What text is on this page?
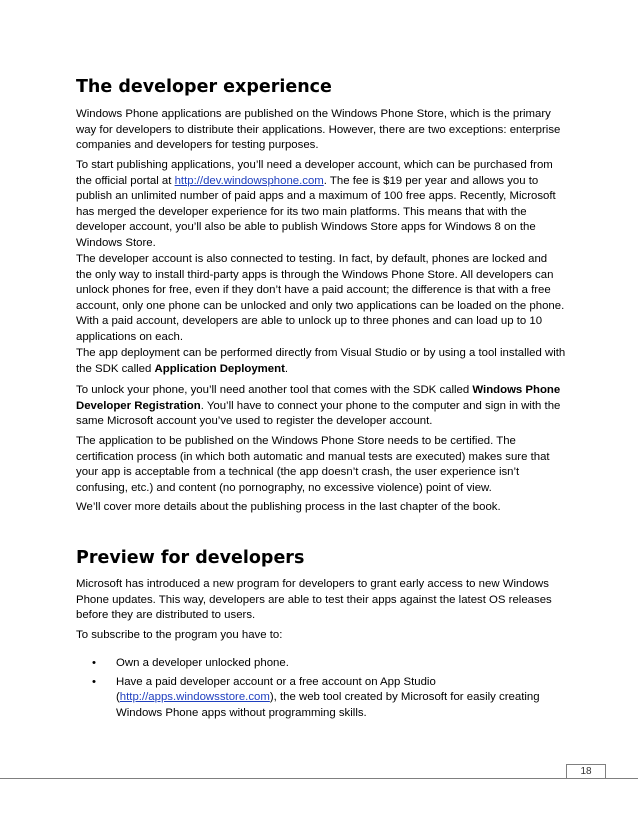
The developer experience

Windows Phone applications are published on the Windows Phone Store, which is the primary way for developers to distribute their applications. However, there are two exceptions: enterprise companies and developers for testing purposes.

To start publishing applications, you’ll need a developer account, which can be purchased from the official portal at http://dev.windowsphone.com. The fee is $19 per year and allows you to publish an unlimited number of paid apps and a maximum of 100 free apps. Recently, Microsoft has merged the developer experience for its two main platforms. This means that with the developer account, you’ll also be able to publish Windows Store apps for Windows 8 on the Windows Store.

The developer account is also connected to testing. In fact, by default, phones are locked and the only way to install third-party apps is through the Windows Phone Store. All developers can unlock phones for free, even if they don’t have a paid account; the difference is that with a free account, only one phone can be unlocked and only two applications can be loaded on the phone. With a paid account, developers are able to unlock up to three phones and can load up to 10 applications on each.

The app deployment can be performed directly from Visual Studio or by using a tool installed with the SDK called Application Deployment.

To unlock your phone, you’ll need another tool that comes with the SDK called Windows Phone Developer Registration. You’ll have to connect your phone to the computer and sign in with the same Microsoft account you’ve used to register the developer account.

The application to be published on the Windows Phone Store needs to be certified. The certification process (in which both automatic and manual tests are executed) makes sure that your app is acceptable from a technical (the app doesn’t crash, the user experience isn’t confusing, etc.) and content (no pornography, no excessive violence) point of view.

We’ll cover more details about the publishing process in the last chapter of the book.

Preview for developers

Microsoft has introduced a new program for developers to grant early access to new Windows Phone updates. This way, developers are able to test their apps against the latest OS releases before they are distributed to users.

To subscribe to the program you have to:

• Own a developer unlocked phone.
• Have a paid developer account or a free account on App Studio (http://apps.windowsstore.com), the web tool created by Microsoft for easily creating Windows Phone apps without programming skills.
18
